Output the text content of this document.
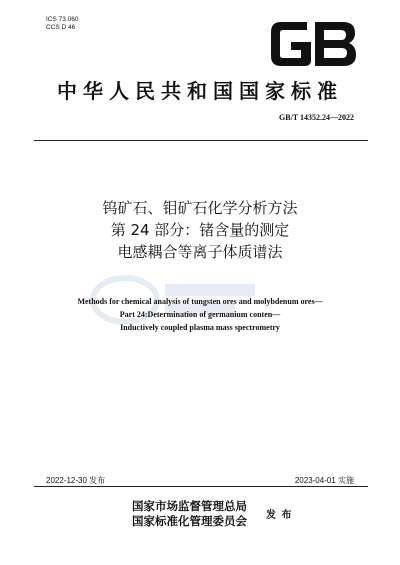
ICS 73.060
CCS D 46
中华人民共和国国家标准
GB/T 14352.24—2022
钨矿石、钼矿石化学分析方法
第 24 部分：锗含量的测定
电感耦合等离子体质谱法
Methods for chemical analysis of tungsten ores and molybdenum ores—
Part 24:Determination of germanium conten—
Inductively coupled plasma mass spectrometry
2022-12-30 发布	2023-04-01 实施
国家市场监督管理总局
国家标准化管理委员会 发 布
